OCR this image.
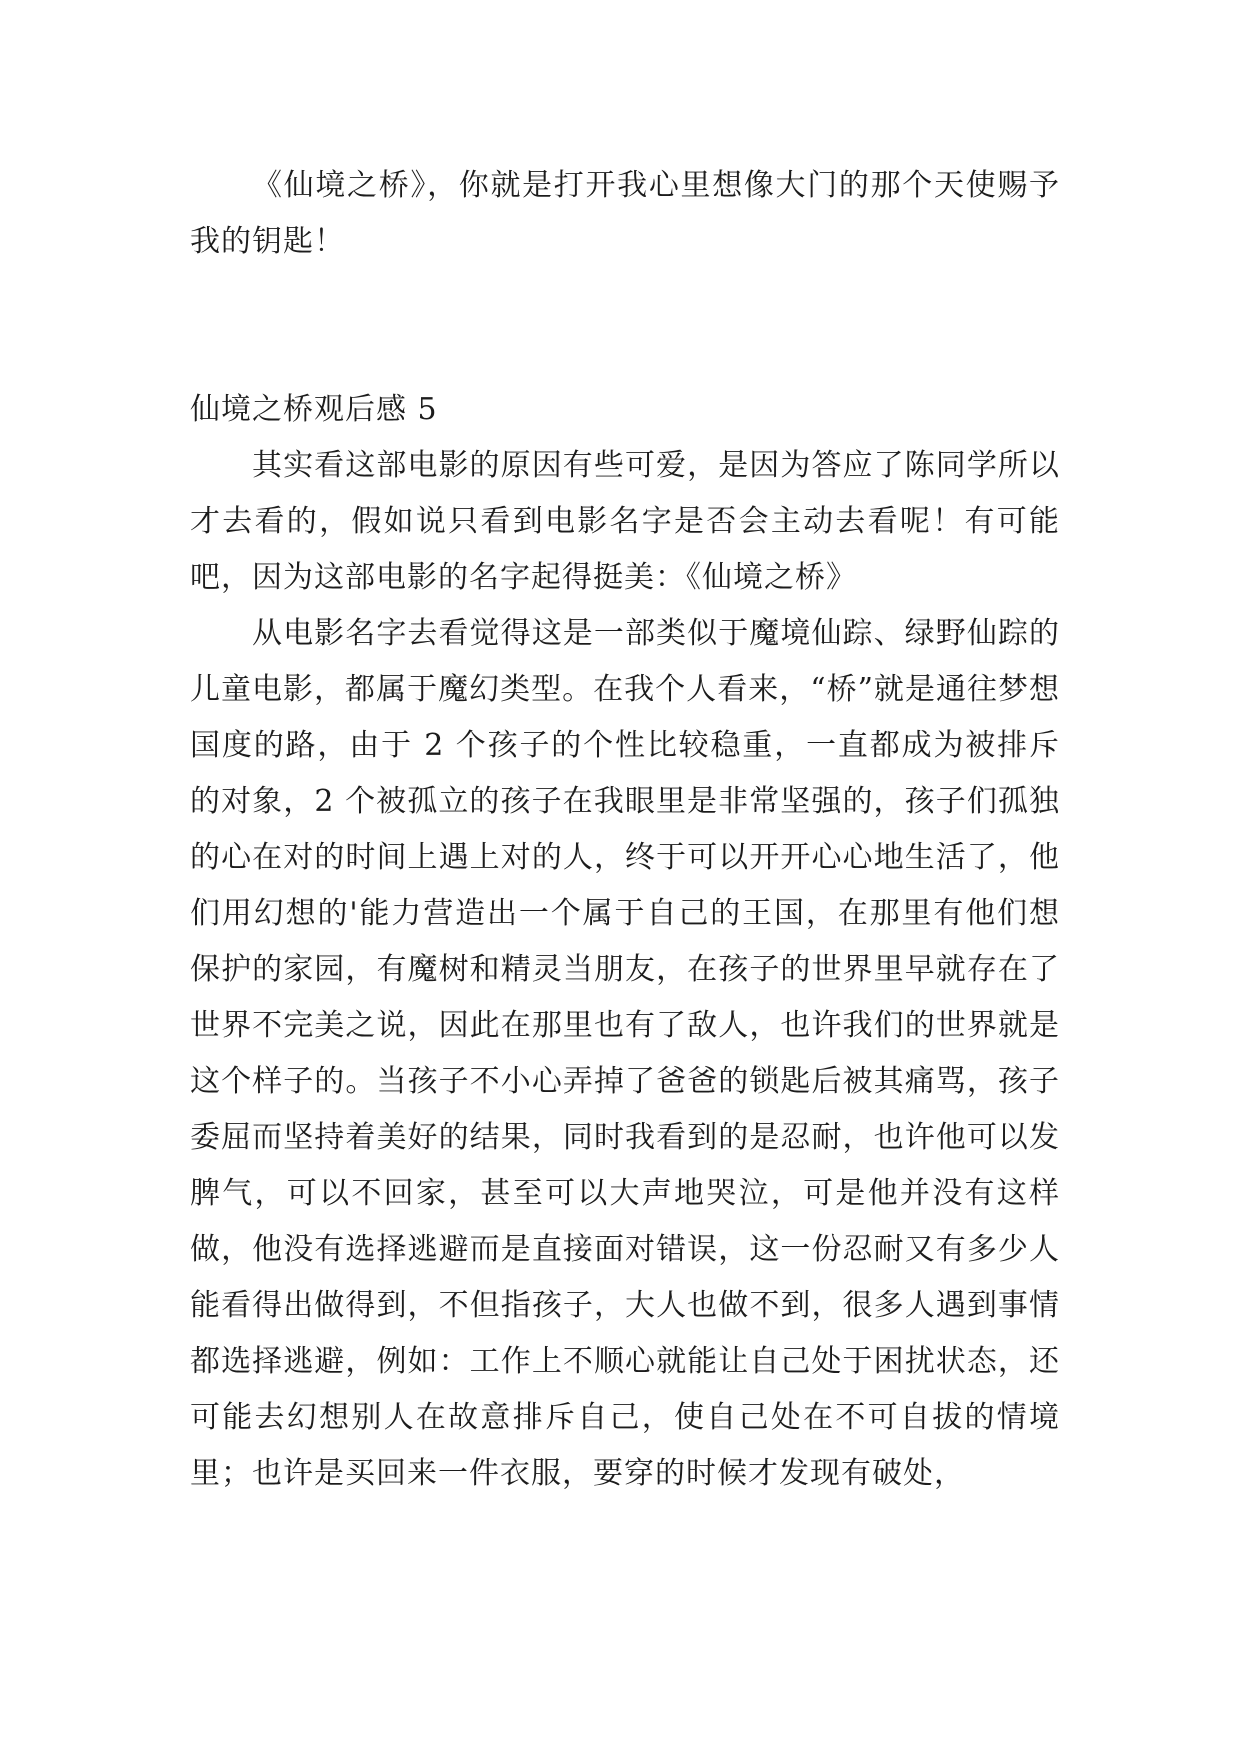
《仙境之桥》，你就是打开我心里想像大门的那个天使赐予我的钥匙！

仙境之桥观后感 5

其实看这部电影的原因有些可爱，是因为答应了陈同学所以才去看的，假如说只看到电影名字是否会主动去看呢！有可能吧，因为这部电影的名字起得挺美：《仙境之桥》

从电影名字去看觉得这是一部类似于魔境仙踪、绿野仙踪的儿童电影，都属于魔幻类型。在我个人看来，“桥”就是通往梦想国度的路，由于 2 个孩子的个性比较稳重，一直都成为被排斥的对象，2 个被孤立的孩子在我眼里是非常坚强的，孩子们孤独的心在对的时间上遇上对的人，终于可以开开心心地生活了，他们用幻想的'能力营造出一个属于自己的王国，在那里有他们想保护的家园，有魔树和精灵当朋友，在孩子的世界里早就存在了世界不完美之说，因此在那里也有了敌人，也许我们的世界就是这个样子的。当孩子不小心弄掉了爸爸的锁匙后被其痛骂，孩子委屈而坚持着美好的结果，同时我看到的是忍耐，也许他可以发脾气，可以不回家，甚至可以大声地哭泣，可是他并没有这样做，他没有选择逃避而是直接面对错误，这一份忍耐又有多少人能看得出做得到，不但指孩子，大人也做不到，很多人遇到事情都选择逃避，例如：工作上不顺心就能让自己处于困扰状态，还可能去幻想别人在故意排斥自己，使自己处在不可自拔的情境里；也许是买回来一件衣服，要穿的时候才发现有破处，
